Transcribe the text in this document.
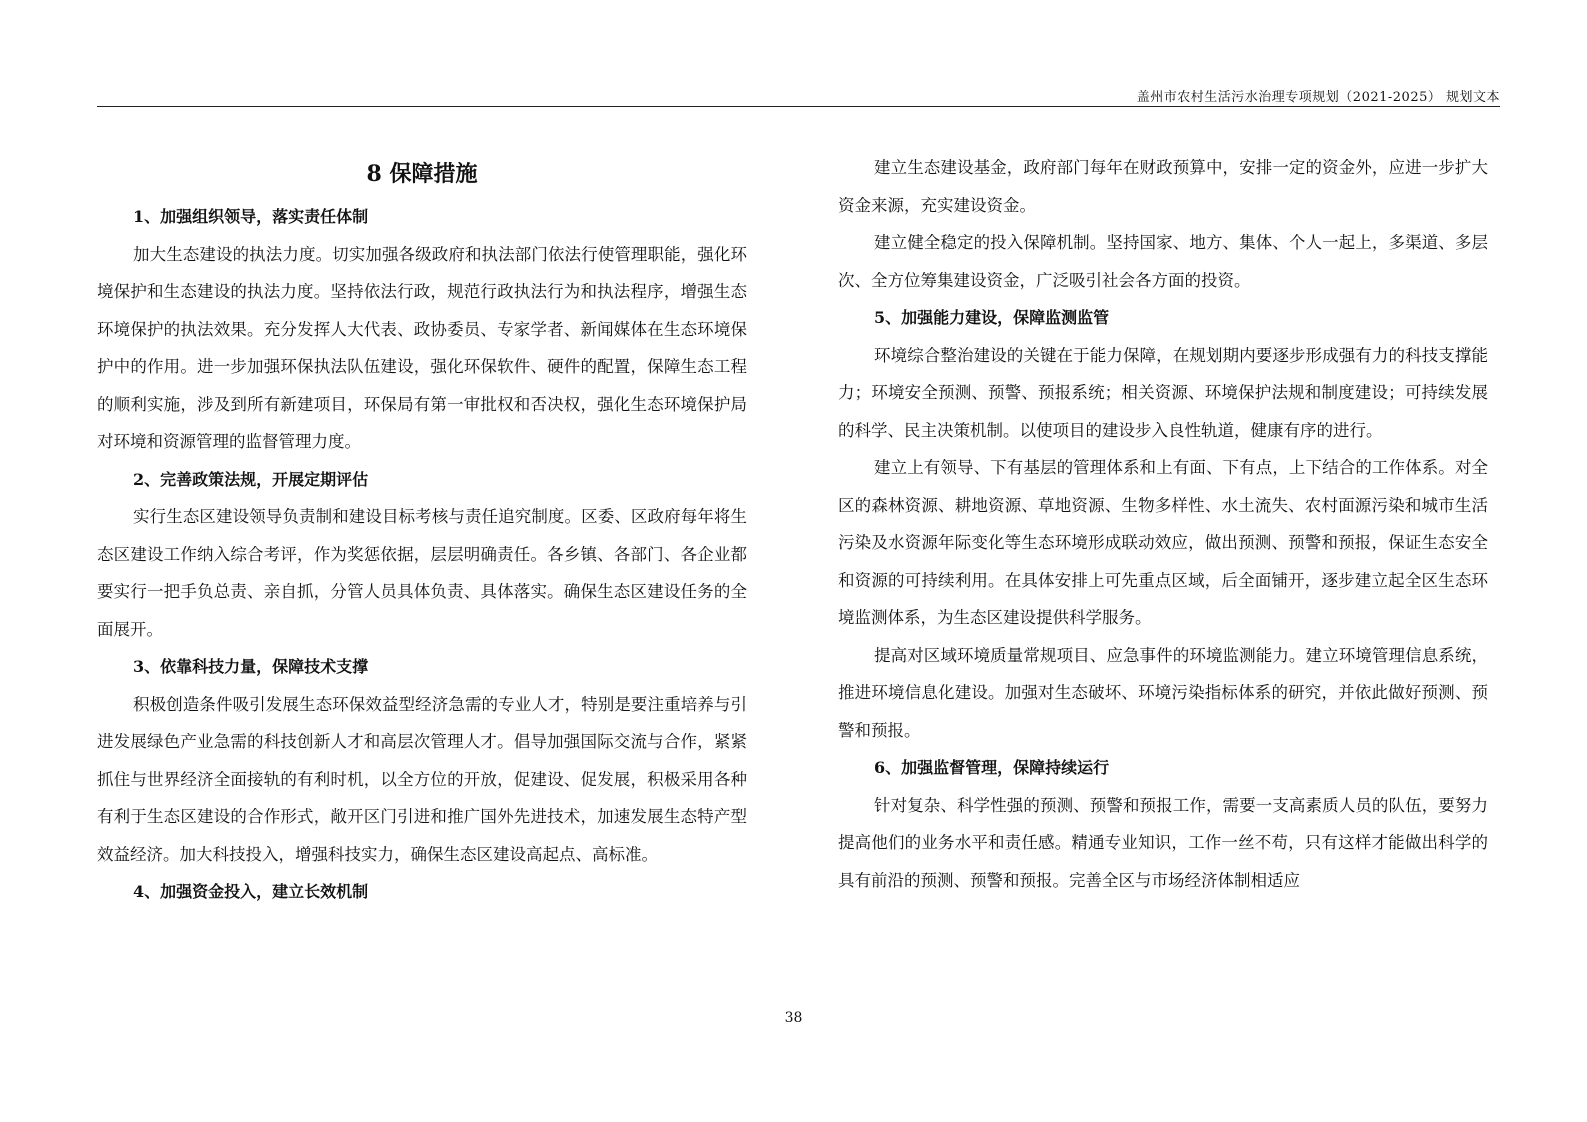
盖州市农村生活污水治理专项规划（2021-2025） 规划文本
8 保障措施

1、加强组织领导，落实责任体制

加大生态建设的执法力度。切实加强各级政府和执法部门依法行使管理职能，强化环境保护和生态建设的执法力度。坚持依法行政，规范行政执法行为和执法程序，增强生态环境保护的执法效果。充分发挥人大代表、政协委员、专家学者、新闻媒体在生态环境保护中的作用。进一步加强环保执法队伍建设，强化环保软件、硬件的配置，保障生态工程的顺利实施，涉及到所有新建项目，环保局有第一审批权和否决权，强化生态环境保护局对环境和资源管理的监督管理力度。

2、完善政策法规，开展定期评估

实行生态区建设领导负责制和建设目标考核与责任追究制度。区委、区政府每年将生态区建设工作纳入综合考评，作为奖惩依据，层层明确责任。各乡镇、各部门、各企业都要实行一把手负总责、亲自抓，分管人员具体负责、具体落实。确保生态区建设任务的全面展开。

3、依靠科技力量，保障技术支撑

积极创造条件吸引发展生态环保效益型经济急需的专业人才，特别是要注重培养与引进发展绿色产业急需的科技创新人才和高层次管理人才。倡导加强国际交流与合作，紧紧抓住与世界经济全面接轨的有利时机，以全方位的开放，促建设、促发展，积极采用各种有利于生态区建设的合作形式，敞开区门引进和推广国外先进技术，加速发展生态特产型效益经济。加大科技投入，增强科技实力，确保生态区建设高起点、高标准。

4、加强资金投入，建立长效机制

建立生态建设基金，政府部门每年在财政预算中，安排一定的资金外，应进一步扩大资金来源，充实建设资金。

建立健全稳定的投入保障机制。坚持国家、地方、集体、个人一起上，多渠道、多层次、全方位筹集建设资金，广泛吸引社会各方面的投资。

5、加强能力建设，保障监测监管

环境综合整治建设的关键在于能力保障，在规划期内要逐步形成强有力的科技支撑能力；环境安全预测、预警、预报系统；相关资源、环境保护法规和制度建设；可持续发展的科学、民主决策机制。以使项目的建设步入良性轨道，健康有序的进行。

建立上有领导、下有基层的管理体系和上有面、下有点，上下结合的工作体系。对全区的森林资源、耕地资源、草地资源、生物多样性、水土流失、农村面源污染和城市生活污染及水资源年际变化等生态环境形成联动效应，做出预测、预警和预报，保证生态安全和资源的可持续利用。在具体安排上可先重点区域，后全面铺开，逐步建立起全区生态环境监测体系，为生态区建设提供科学服务。

提高对区域环境质量常规项目、应急事件的环境监测能力。建立环境管理信息系统，推进环境信息化建设。加强对生态破坏、环境污染指标体系的研究，并依此做好预测、预警和预报。

6、加强监督管理，保障持续运行

针对复杂、科学性强的预测、预警和预报工作，需要一支高素质人员的队伍，要努力提高他们的业务水平和责任感。精通专业知识，工作一丝不苟，只有这样才能做出科学的具有前沿的预测、预警和预报。完善全区与市场经济体制相适应

38
